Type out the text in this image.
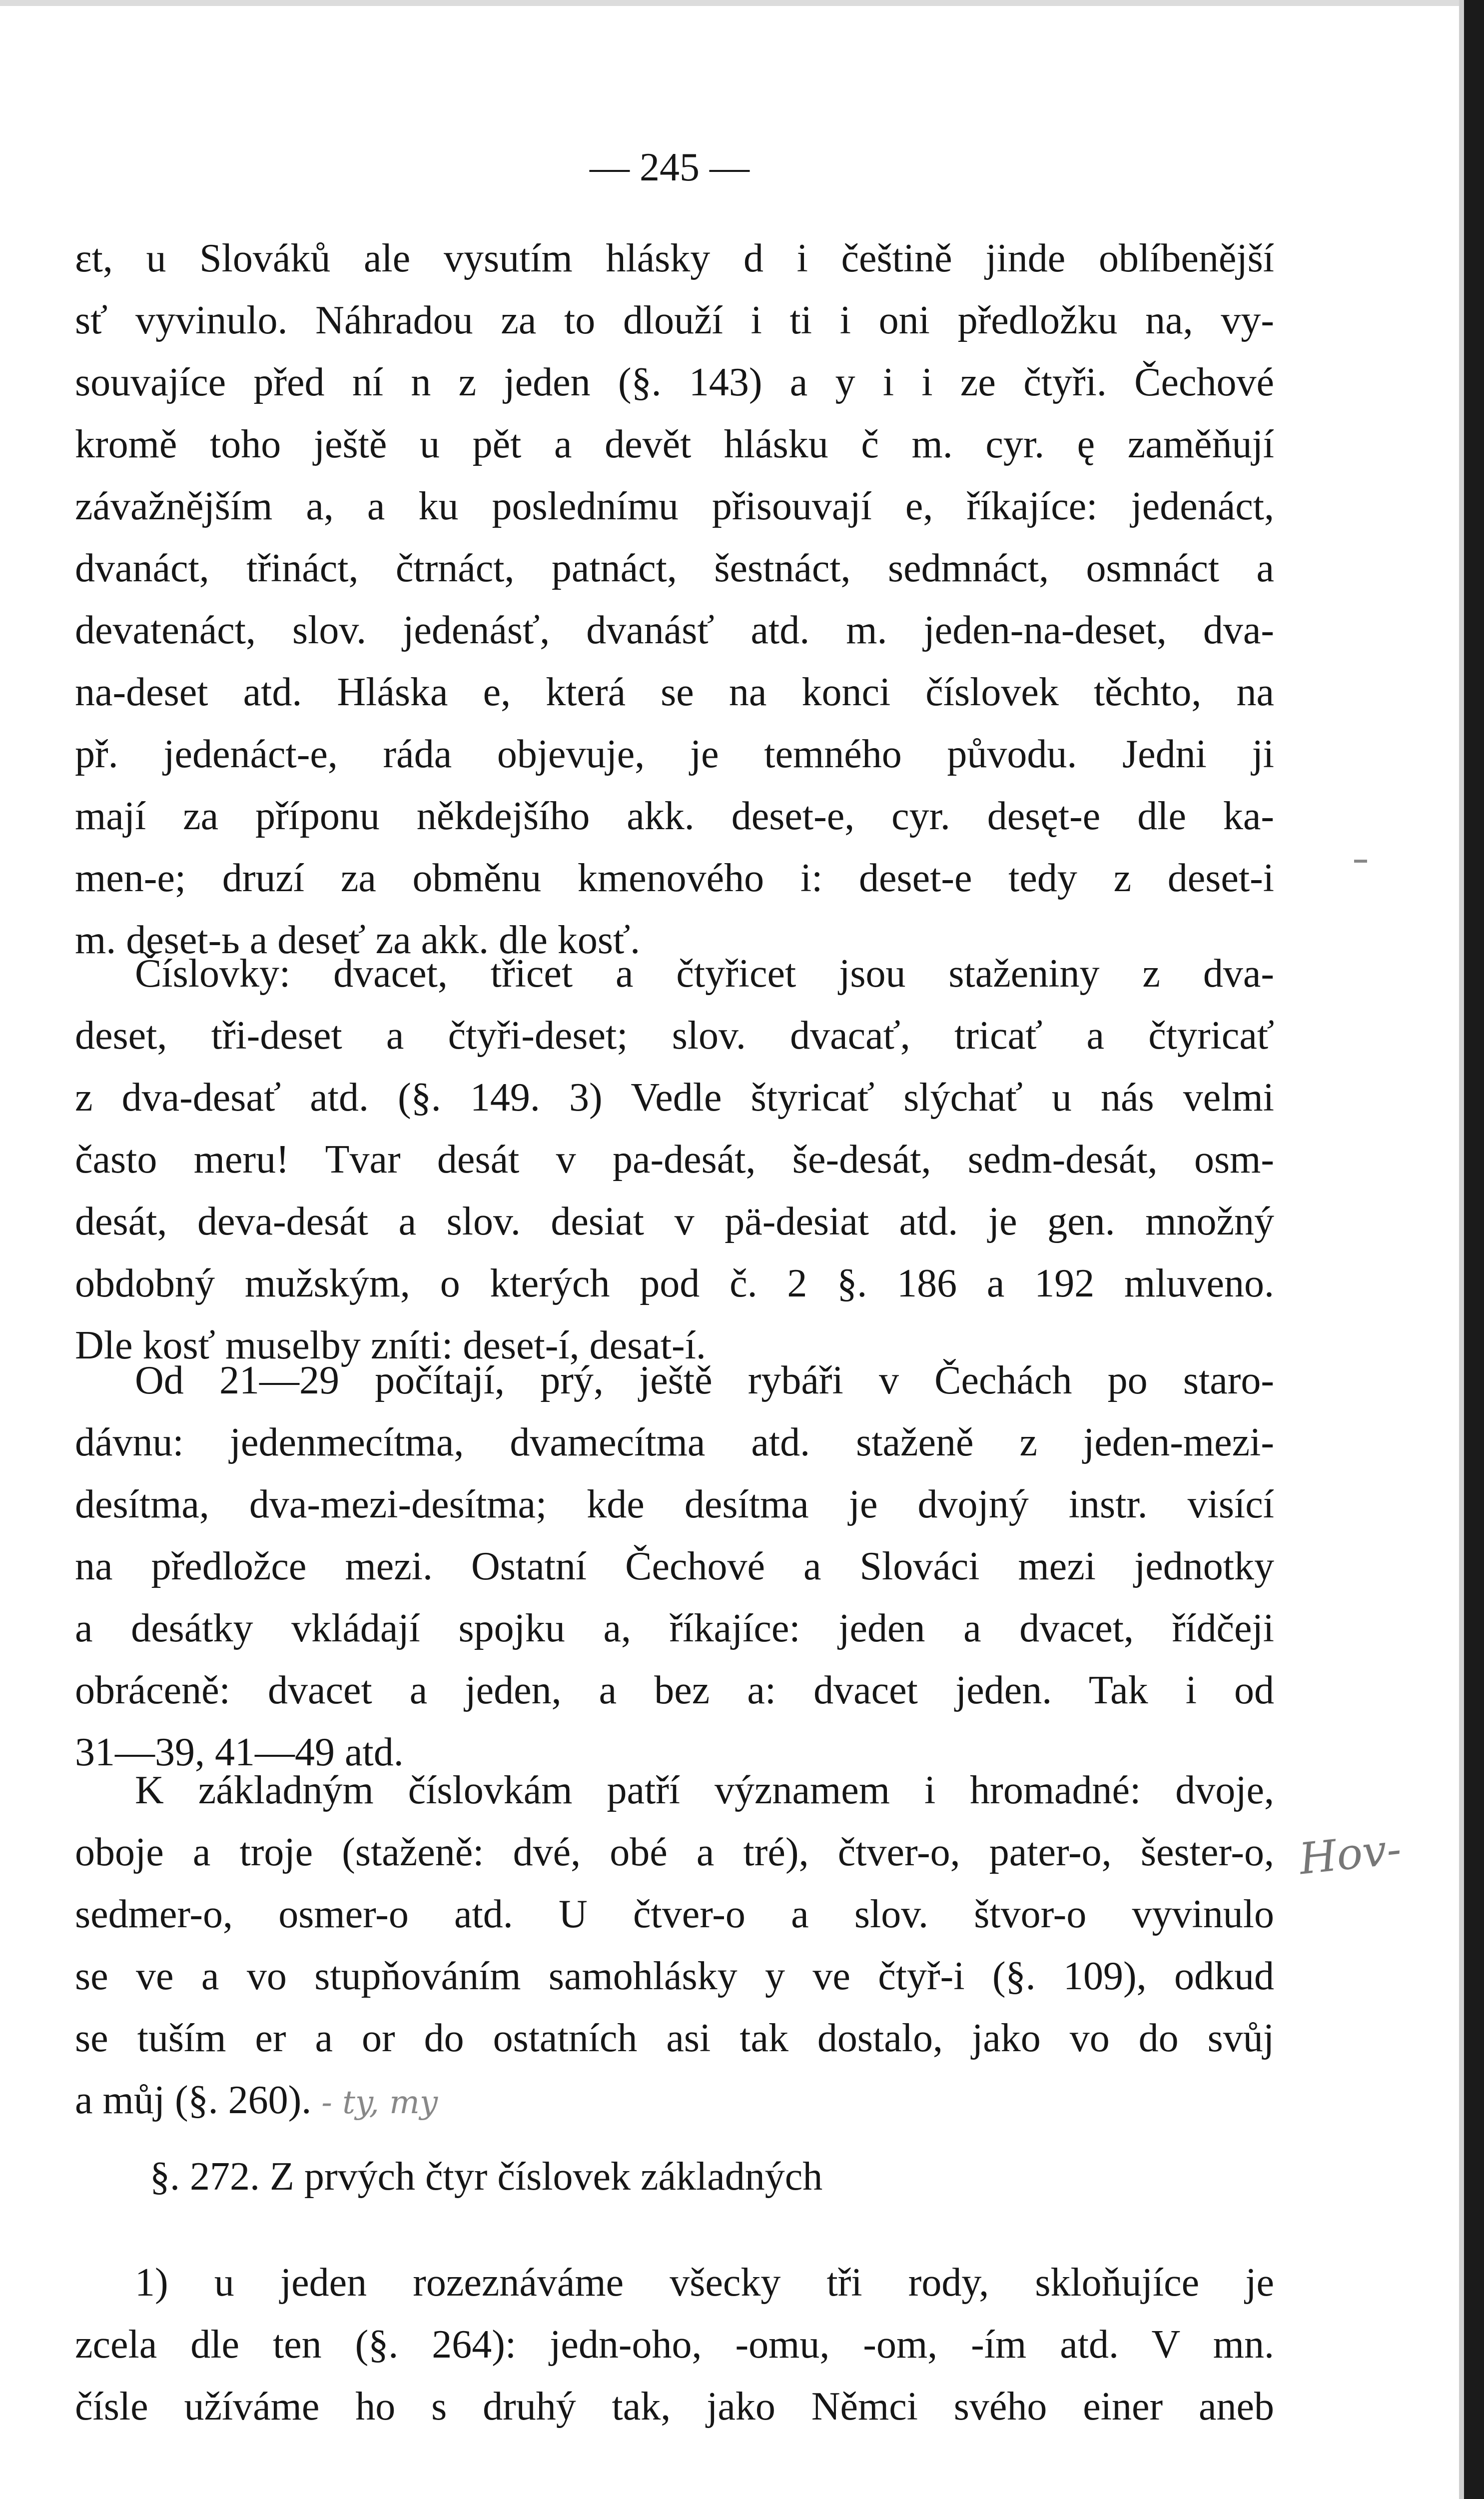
— 245 —
ɛt, u Slováků ale vysutím hlásky d i češtině jinde oblíbenější
sť vyvinulo. Náhradou za to dlouží i ti i oni předložku na, vy-
souvajíce před ní n z jeden (§. 143) a y i i ze čtyři. Čechové
kromě toho ještě u pět a devět hlásku č m. cyr. ę zaměňují
závažnějším a, a ku poslednímu přisouvají e, říkajíce: jedenáct,
dvanáct, třináct, čtrnáct, patnáct, šestnáct, sedmnáct, osmnáct a
devatenáct, slov. jedenásť, dvanásť atd. m. jeden-na-deset, dva-
na-deset atd. Hláska e, která se na konci číslovek těchto, na
př. jedenáct-e, ráda objevuje, je temného původu. Jedni ji
mají za příponu někdejšího akk. deset-e, cyr. desęt-e dle ka-
men-e; druzí za obměnu kmenového i: deset-e tedy z deset-i
m. deset-ь a deseť za akk. dle kosť.
Číslovky: dvacet, třicet a čtyřicet jsou staženiny z dva-
deset, tři-deset a čtyři-deset; slov. dvacať, tricať a čtyricať
z dva-desať atd. (§. 149. 3) Vedle štyricať slýchať u nás velmi
často meru! Tvar desát v pa-desát, še-desát, sedm-desát, osm-
desát, deva-desát a slov. desiat v pä-desiat atd. je gen. množný
obdobný mužským, o kterých pod č. 2 §. 186 a 192 mluveno.
Dle kosť muselby zníti: deset-í, desat-í.
Od 21—29 počítají, prý, ještě rybáři v Čechách po staro-
dávnu: jedenmecítma, dvamecítma atd. staženě z jeden-mezi-
desítma, dva-mezi-desítma; kde desítma je dvojný instr. visící
na předložce mezi. Ostatní Čechové a Slováci mezi jednotky
a desátky vkládají spojku a, říkajíce: jeden a dvacet, řídčeji
obráceně: dvacet a jeden, a bez a: dvacet jeden. Tak i od
31—39, 41—49 atd.
K základným číslovkám patří významem i hromadné: dvoje,
oboje a troje (staženě: dvé, obé a tré), čtver-o, pater-o, šester-o,
sedmer-o, osmer-o atd. U čtver-o a slov. štvor-o vyvinulo
se ve a vo stupňováním samohlásky y ve čtyř-i (§. 109), odkud
se tuším er a or do ostatních asi tak dostalo, jako vo do svůj
a můj (§. 260). - ty, my
Hov-
§. 272. Z prvých čtyr číslovek základných
1) u jeden rozeznáváme všecky tři rody, skloňujíce je
zcela dle ten (§. 264): jedn-oho, -omu, -om, -ím atd. V mn.
čísle užíváme ho s druhý tak, jako Němci svého einer aneb
